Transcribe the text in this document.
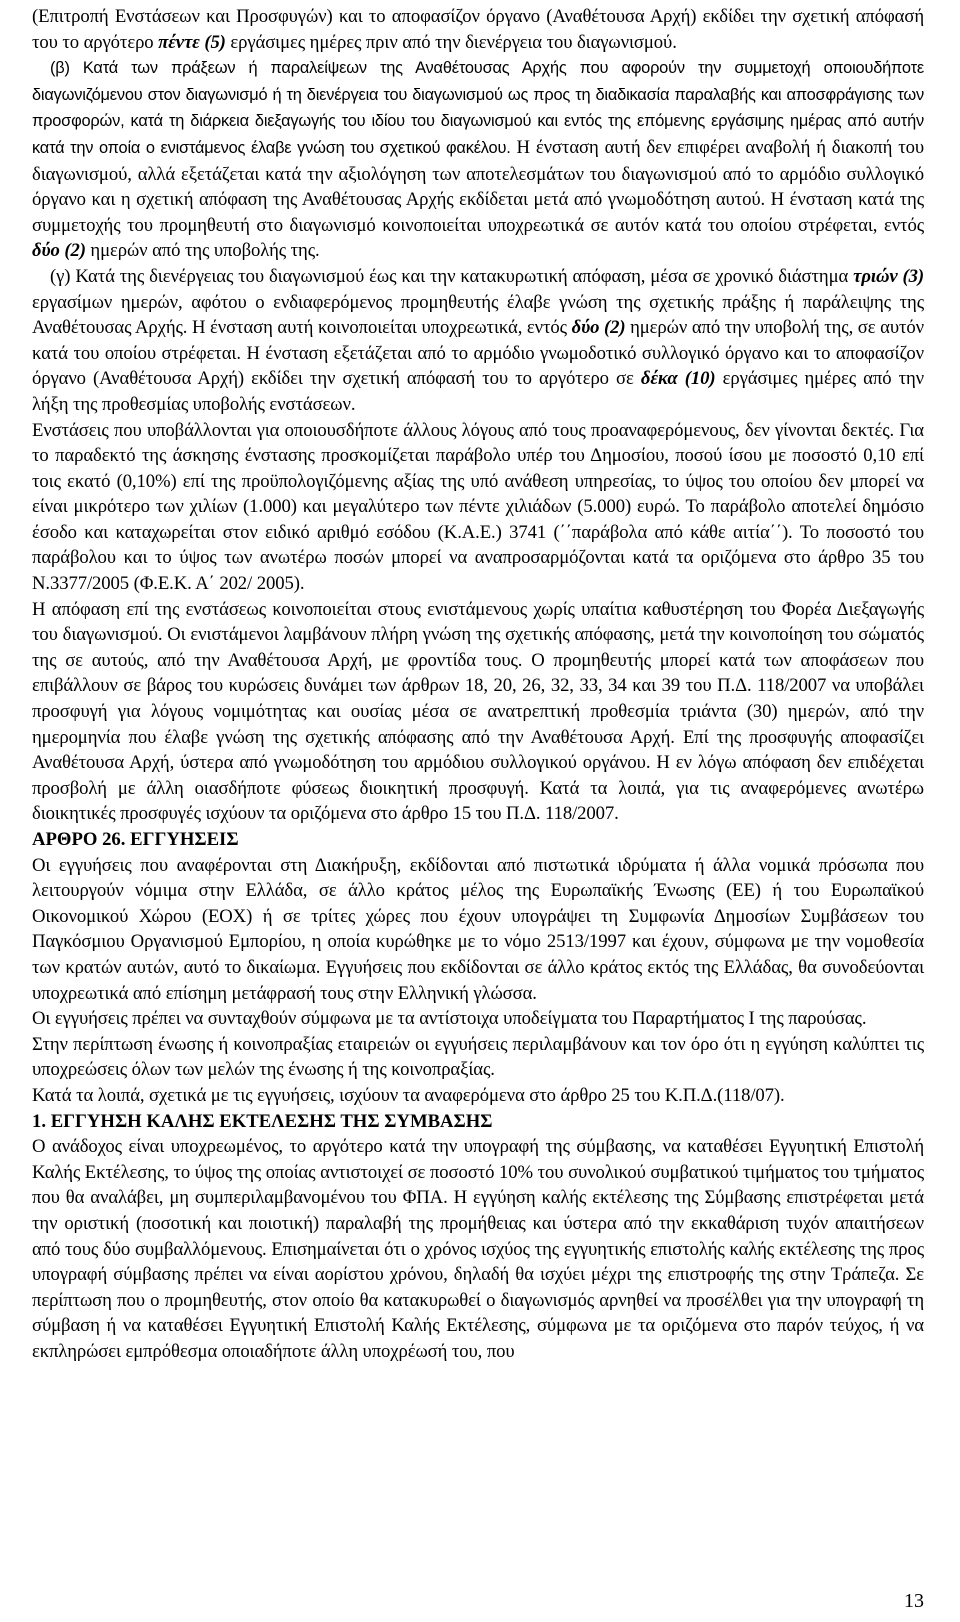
(Επιτροπή Ενστάσεων και Προσφυγών) και το αποφασίζον όργανο (Αναθέτουσα Αρχή) εκδίδει την σχετική απόφασή του το αργότερο πέντε (5) εργάσιμες ημέρες πριν από την διενέργεια του διαγωνισμού.

(β) Κατά των πράξεων ή παραλείψεων της Αναθέτουσας Αρχής που αφορούν την συμμετοχή οποιουδήποτε διαγωνιζόμενου στον διαγωνισμό ή τη διενέργεια του διαγωνισμού ως προς τη διαδικασία παραλαβής και αποσφράγισης των προσφορών, κατά τη διάρκεια διεξαγωγής του ιδίου του διαγωνισμού και εντός της επόμενης εργάσιμης ημέρας από αυτήν κατά την οποία ο ενιστάμενος έλαβε γνώση του σχετικού φακέλου. Η ένσταση αυτή δεν επιφέρει αναβολή ή διακοπή του διαγωνισμού, αλλά εξετάζεται κατά την αξιολόγηση των αποτελεσμάτων του διαγωνισμού από το αρμόδιο συλλογικό όργανο και η σχετική απόφαση της Αναθέτουσας Αρχής εκδίδεται μετά από γνωμοδότηση αυτού. Η ένσταση κατά της συμμετοχής του προμηθευτή στο διαγωνισμό κοινοποιείται υποχρεωτικά σε αυτόν κατά του οποίου στρέφεται, εντός δύο (2) ημερών από της υποβολής της.

(γ) Κατά της διενέργειας του διαγωνισμού έως και την κατακυρωτική απόφαση, μέσα σε χρονικό διάστημα τριών (3) εργασίμων ημερών, αφότου ο ενδιαφερόμενος προμηθευτής έλαβε γνώση της σχετικής πράξης ή παράλειψης της Αναθέτουσας Αρχής. Η ένσταση αυτή κοινοποιείται υποχρεωτικά, εντός δύο (2) ημερών από την υποβολή της, σε αυτόν κατά του οποίου στρέφεται. Η ένσταση εξετάζεται από το αρμόδιο γνωμοδοτικό συλλογικό όργανο και το αποφασίζον όργανο (Αναθέτουσα Αρχή) εκδίδει την σχετική απόφασή του το αργότερο σε δέκα (10) εργάσιμες ημέρες από την λήξη της προθεσμίας υποβολής ενστάσεων.

Ενστάσεις που υποβάλλονται για οποιουσδήποτε άλλους λόγους από τους προαναφερόμενους, δεν γίνονται δεκτές. Για το παραδεκτό της άσκησης ένστασης προσκομίζεται παράβολο υπέρ του Δημοσίου, ποσού ίσου με ποσοστό 0,10 επί τοις εκατό (0,10%) επί της προϋπολογιζόμενης αξίας της υπό ανάθεση υπηρεσίας, το ύψος του οποίου δεν μπορεί να είναι μικρότερο των χιλίων (1.000) και μεγαλύτερο των πέντε χιλιάδων (5.000) ευρώ. Το παράβολο αποτελεί δημόσιο έσοδο και καταχωρείται στον ειδικό αριθμό εσόδου (Κ.Α.Ε.) 3741 (΄΄παράβολα από κάθε αιτία΄΄). Το ποσοστό του παράβολου και το ύψος των ανωτέρω ποσών μπορεί να αναπροσαρμόζονται κατά τα οριζόμενα στο άρθρο 35 του Ν.3377/2005 (Φ.Ε.Κ. Α΄ 202/ 2005).

Η απόφαση επί της ενστάσεως κοινοποιείται στους ενιστάμενους χωρίς υπαίτια καθυστέρηση του Φορέα Διεξαγωγής του διαγωνισμού. Οι ενιστάμενοι λαμβάνουν πλήρη γνώση της σχετικής απόφασης, μετά την κοινοποίηση του σώματός της σε αυτούς, από την Αναθέτουσα Αρχή, με φροντίδα τους. Ο προμηθευτής μπορεί κατά των αποφάσεων που επιβάλλουν σε βάρος του κυρώσεις δυνάμει των άρθρων 18, 20, 26, 32, 33, 34 και 39 του Π.Δ. 118/2007 να υποβάλει προσφυγή για λόγους νομιμότητας και ουσίας μέσα σε ανατρεπτική προθεσμία τριάντα (30) ημερών, από την ημερομηνία που έλαβε γνώση της σχετικής απόφασης από την Αναθέτουσα Αρχή. Επί της προσφυγής αποφασίζει Αναθέτουσα Αρχή, ύστερα από γνωμοδότηση του αρμόδιου συλλογικού οργάνου. Η εν λόγω απόφαση δεν επιδέχεται προσβολή με άλλη οιασδήποτε φύσεως διοικητική προσφυγή. Κατά τα λοιπά, για τις αναφερόμενες ανωτέρω διοικητικές προσφυγές ισχύουν τα οριζόμενα στο άρθρο 15 του Π.Δ. 118/2007.

ΑΡΘΡΟ 26. ΕΓΓΥΗΣΕΙΣ

Οι εγγυήσεις που αναφέρονται στη Διακήρυξη, εκδίδονται από πιστωτικά ιδρύματα ή άλλα νομικά πρόσωπα που λειτουργούν νόμιμα στην Ελλάδα, σε άλλο κράτος μέλος της Ευρωπαϊκής Ένωσης (ΕΕ) ή του Ευρωπαϊκού Οικονομικού Χώρου (ΕΟΧ) ή σε τρίτες χώρες που έχουν υπογράψει τη Συμφωνία Δημοσίων Συμβάσεων του Παγκόσμιου Οργανισμού Εμπορίου, η οποία κυρώθηκε με το νόμο 2513/1997 και έχουν, σύμφωνα με την νομοθεσία των κρατών αυτών, αυτό το δικαίωμα. Εγγυήσεις που εκδίδονται σε άλλο κράτος εκτός της Ελλάδας, θα συνοδεύονται υποχρεωτικά από επίσημη μετάφρασή τους στην Ελληνική γλώσσα.

Οι εγγυήσεις πρέπει να συνταχθούν σύμφωνα με τα αντίστοιχα υποδείγματα του Παραρτήματος Ι της παρούσας.

Στην περίπτωση ένωσης ή κοινοπραξίας εταιρειών οι εγγυήσεις περιλαμβάνουν και τον όρο ότι η εγγύηση καλύπτει τις υποχρεώσεις όλων των μελών της ένωσης ή της κοινοπραξίας.

Κατά τα λοιπά, σχετικά με τις εγγυήσεις, ισχύουν τα αναφερόμενα στο άρθρο 25 του Κ.Π.Δ.(118/07).

1. ΕΓΓΥΗΣΗ ΚΑΛΗΣ ΕΚΤΕΛΕΣΗΣ ΤΗΣ ΣΥΜΒΑΣΗΣ

Ο ανάδοχος είναι υποχρεωμένος, το αργότερο κατά την υπογραφή της σύμβασης, να καταθέσει Εγγυητική Επιστολή Καλής Εκτέλεσης, το ύψος της οποίας αντιστοιχεί σε ποσοστό 10% του συνολικού συμβατικού τιμήματος του τμήματος που θα αναλάβει, μη συμπεριλαμβανομένου του ΦΠΑ. Η εγγύηση καλής εκτέλεσης της Σύμβασης επιστρέφεται μετά την οριστική (ποσοτική και ποιοτική) παραλαβή της προμήθειας και ύστερα από την εκκαθάριση τυχόν απαιτήσεων από τους δύο συμβαλλόμενους. Επισημαίνεται ότι ο χρόνος ισχύος της εγγυητικής επιστολής καλής εκτέλεσης της προς υπογραφή σύμβασης πρέπει να είναι αορίστου χρόνου, δηλαδή θα ισχύει μέχρι της επιστροφής της στην Τράπεζα. Σε περίπτωση που ο προμηθευτής, στον οποίο θα κατακυρωθεί ο διαγωνισμός αρνηθεί να προσέλθει για την υπογραφή τη σύμβαση ή να καταθέσει Εγγυητική Επιστολή Καλής Εκτέλεσης, σύμφωνα με τα οριζόμενα στο παρόν τεύχος, ή να εκπληρώσει εμπρόθεσμα οποιαδήποτε άλλη υποχρέωσή του, που

13
